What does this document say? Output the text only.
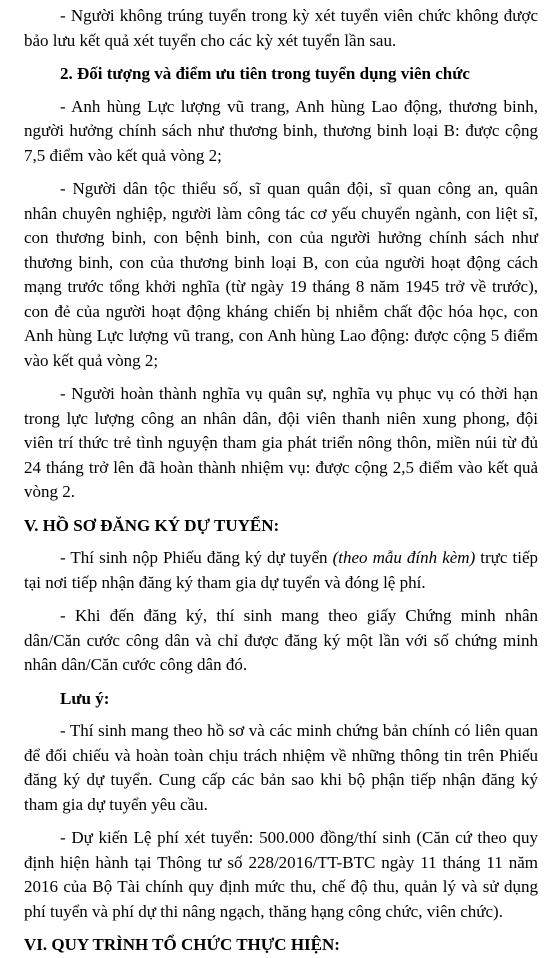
- Người không trúng tuyển trong kỳ xét tuyển viên chức không được bảo lưu kết quả xét tuyển cho các kỳ xét tuyển lần sau.

2. Đối tượng và điểm ưu tiên trong tuyển dụng viên chức

- Anh hùng Lực lượng vũ trang, Anh hùng Lao động, thương binh, người hưởng chính sách như thương binh, thương binh loại B: được cộng 7,5 điểm vào kết quả vòng 2;

- Người dân tộc thiểu số, sĩ quan quân đội, sĩ quan công an, quân nhân chuyên nghiệp, người làm công tác cơ yếu chuyển ngành, con liệt sĩ, con thương binh, con bệnh binh, con của người hưởng chính sách như thương binh, con của thương binh loại B, con của người hoạt động cách mạng trước tổng khởi nghĩa (từ ngày 19 tháng 8 năm 1945 trở về trước), con đẻ của người hoạt động kháng chiến bị nhiễm chất độc hóa học, con Anh hùng Lực lượng vũ trang, con Anh hùng Lao động: được cộng 5 điểm vào kết quả vòng 2;

- Người hoàn thành nghĩa vụ quân sự, nghĩa vụ phục vụ có thời hạn trong lực lượng công an nhân dân, đội viên thanh niên xung phong, đội viên trí thức trẻ tình nguyện tham gia phát triển nông thôn, miền núi từ đủ 24 tháng trở lên đã hoàn thành nhiệm vụ: được cộng 2,5 điểm vào kết quả vòng 2.

V. HỒ SƠ ĐĂNG KÝ DỰ TUYỂN:

- Thí sinh nộp Phiếu đăng ký dự tuyển (theo mẫu đính kèm) trực tiếp tại nơi tiếp nhận đăng ký tham gia dự tuyển và đóng lệ phí.

- Khi đến đăng ký, thí sinh mang theo giấy Chứng minh nhân dân/Căn cước công dân và chỉ được đăng ký một lần với số chứng minh nhân dân/Căn cước công dân đó.

Lưu ý:

- Thí sinh mang theo hồ sơ và các minh chứng bản chính có liên quan để đối chiếu và hoàn toàn chịu trách nhiệm về những thông tin trên Phiếu đăng ký dự tuyển. Cung cấp các bản sao khi bộ phận tiếp nhận đăng ký tham gia dự tuyển yêu cầu.

- Dự kiến Lệ phí xét tuyển: 500.000 đồng/thí sinh (Căn cứ theo quy định hiện hành tại Thông tư số 228/2016/TT-BTC ngày 11 tháng 11 năm 2016 của Bộ Tài chính quy định mức thu, chế độ thu, quản lý và sử dụng phí tuyển và phí dự thi nâng ngạch, thăng hạng công chức, viên chức).

VI. QUY TRÌNH TỔ CHỨC THỰC HIỆN:
